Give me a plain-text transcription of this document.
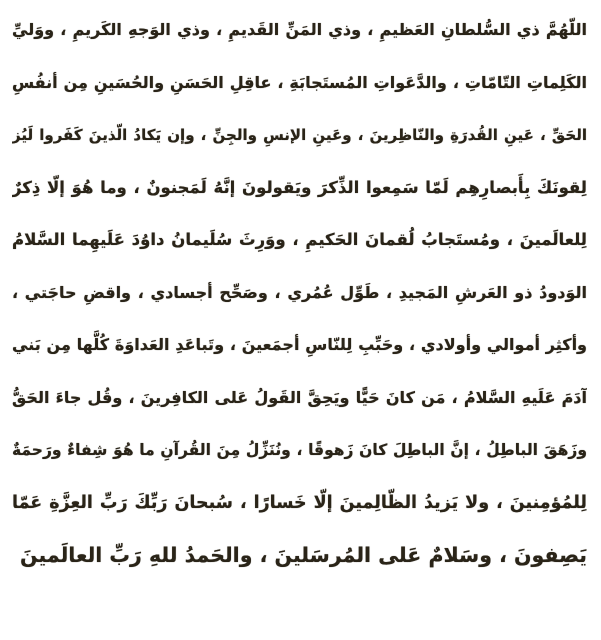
اللّهُمَّ ذي السُّلطانِ العَظيمِ ، وذي المَنِّ القَديمِ ، وذي الوَجهِ الكَريمِ ، ووَليِّ
الكَلِماتِ التّامّاتِ ، والدَّعَواتِ المُستَجابَةِ ، عاقِلِ الحَسَنِ والحُسَينِ مِن أنفُسِ
الحَقِّ ، عَينِ القُدرَةِ والنّاظِرينَ ، وعَينِ الإنسِ والجِنِّ ، وإن يَكادُ الّذينَ كَفَروا لَيُز
لِقونَكَ بِأَبصارِهِم لَمّا سَمِعوا الذِّكرَ ويَقولونَ إنَّهُ لَمَجنونٌ ، وما هُوَ إلّا ذِكرٌ
لِلعالَمينَ ، ومُستَجابُ لُقمانَ الحَكيمِ ، ووَرِثَ سُلَيمانُ داوُدَ عَلَيهِما السَّلامُ
الوَدودُ ذو العَرشِ المَجيدِ ، طَوِّل عُمُري ، وصَحِّح أجسادي ، واقضِ حاجَتي ،
وأكثِر أموالي وأولادي ، وحَبِّبِ لِلنّاسِ أجمَعينَ ، وتَباعَدِ العَداوَةَ كُلَّها مِن بَني
آدَمَ عَلَيهِ السَّلامُ ، مَن كانَ حَيًّا ويَحِقَّ القَولُ عَلى الكافِرينَ ، وقُل جاءَ الحَقُّ
وزَهَقَ الباطِلُ ، إنَّ الباطِلَ كانَ زَهوقًا ، ونُنَزِّلُ مِنَ القُرآنِ ما هُوَ شِفاءٌ ورَحمَةٌ
لِلمُؤمِنينَ ، ولا يَزيدُ الظّالِمينَ إلّا خَسارًا ، سُبحانَ رَبِّكَ رَبِّ العِزَّةِ عَمّا
يَصِفونَ ، وسَلامٌ عَلى المُرسَلينَ ، والحَمدُ للهِ رَبِّ العالَمينَ
